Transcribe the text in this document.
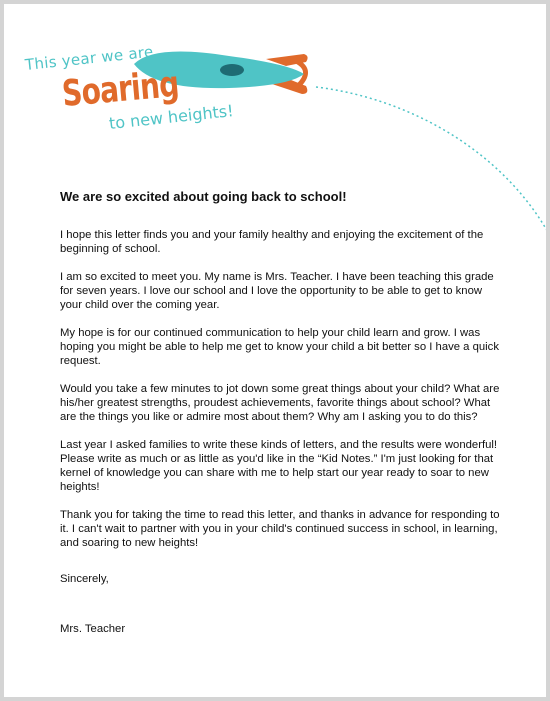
This year we are
Soaring
to new heights!
We are so excited about going back to school!

I hope this letter finds you and your family healthy and enjoying the excitement of the beginning of school.

I am so excited to meet you. My name is Mrs. Teacher. I have been teaching this grade for seven years. I love our school and I love the opportunity to be able to get to know your child over the coming year.

My hope is for our continued communication to help your child learn and grow. I was hoping you might be able to help me get to know your child a bit better so I have a quick request.

Would you take a few minutes to jot down some great things about your child? What are his/her greatest strengths, proudest achievements, favorite things about school? What are the things you like or admire most about them? Why am I asking you to do this?

Last year I asked families to write these kinds of letters, and the results were wonderful! Please write as much or as little as you'd like in the “Kid Notes.” I'm just looking for that kernel of knowledge you can share with me to help start our year ready to soar to new heights!

Thank you for taking the time to read this letter, and thanks in advance for responding to it. I can't wait to partner with you in your child's continued success in school, in learning, and soaring to new heights!

Sincerely,
Mrs. Teacher
